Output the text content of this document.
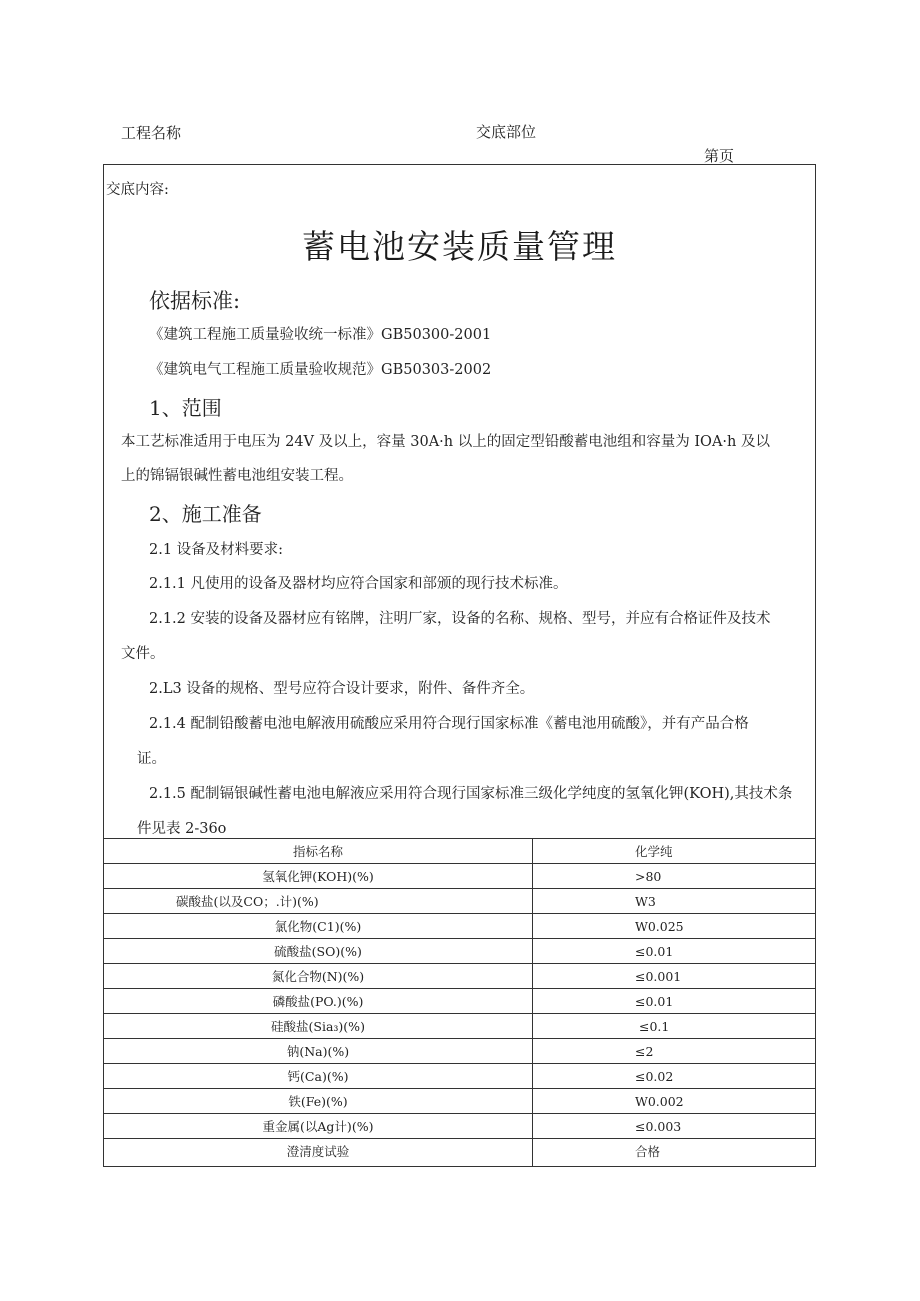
工程名称	交底部位
第页
交底内容:
蓄电池安装质量管理
依据标准:
《建筑工程施工质量验收统一标准》GB50300-2001
《建筑电气工程施工质量验收规范》GB50303-2002
1、范围
本工艺标准适用于电压为 24V 及以上，容量 30A·h 以上的固定型铅酸蓄电池组和容量为 IOA·h 及以
上的锦镉银碱性蓄电池组安装工程。
2、施工准备
2.1 设备及材料要求:
2.1.1 凡使用的设备及器材均应符合国家和部颁的现行技术标准。
2.1.2 安装的设备及器材应有铭牌，注明厂家，设备的名称、规格、型号，并应有合格证件及技术
文件。
2.L3 设备的规格、型号应符合设计要求，附件、备件齐全。
2.1.4 配制铅酸蓄电池电解液用硫酸应采用符合现行国家标准《蓄电池用硫酸》，并有产品合格
证。
2.1.5 配制镉银碱性蓄电池电解液应采用符合现行国家标准三级化学纯度的氢氧化钾(KOH),其技术条
件见表 2-36o
指标名称	化学纯
氢氧化钾(KOH)(%)	>80
碳酸盐(以及CO；.计)(%)	W3
氯化物(C1)(%)	W0.025
硫酸盐(SO)(%)	≤0.01
氮化合物(N)(%)	≤0.001
磷酸盐(PO.)(%)	≤0.01
硅酸盐(Sia₃)(%)	≤0.1
钠(Na)(%)	≤2
钙(Ca)(%)	≤0.02
铁(Fe)(%)	W0.002
重金属(以Ag计)(%)	≤0.003
澄清度试验	合格
